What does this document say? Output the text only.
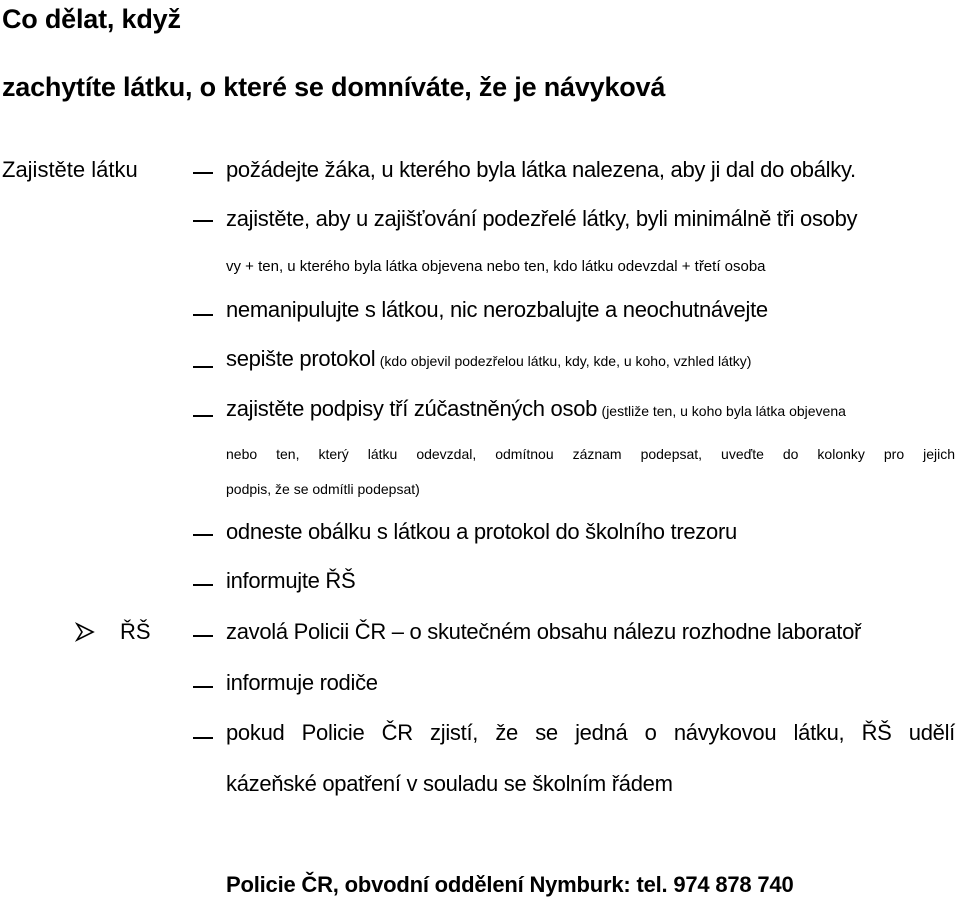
Co dělat, když
zachytíte látku, o které se domníváte, že je návyková
Zajistěte látku	požádejte žáka, u kterého byla látka nalezena, aby ji dal do obálky.
zajistěte, aby u zajišťování podezřelé látky, byli minimálně tři osoby
vy + ten, u kterého byla látka objevena nebo ten, kdo látku odevzdal + třetí osoba
nemanipulujte s látkou, nic nerozbalujte a neochutnávejte
sepište protokol (kdo objevil podezřelou látku, kdy, kde, u koho, vzhled látky)
zajistěte podpisy tří zúčastněných osob (jestliže ten, u koho byla látka objevena
nebo ten, který látku odevzdal, odmítnou záznam podepsat, uveďte do kolonky pro jejich
podpis, že se odmítli podepsat)
odneste obálku s látkou a protokol do školního trezoru
informujte ŘŠ
ŘŠ	zavolá Policii ČR – o skutečném obsahu nálezu rozhodne laboratoř
informuje rodiče
pokud Policie ČR zjistí, že se jedná o návykovou látku, ŘŠ udělí
kázeňské opatření v souladu se školním řádem
Policie ČR, obvodní oddělení Nymburk: tel. 974 878 740
